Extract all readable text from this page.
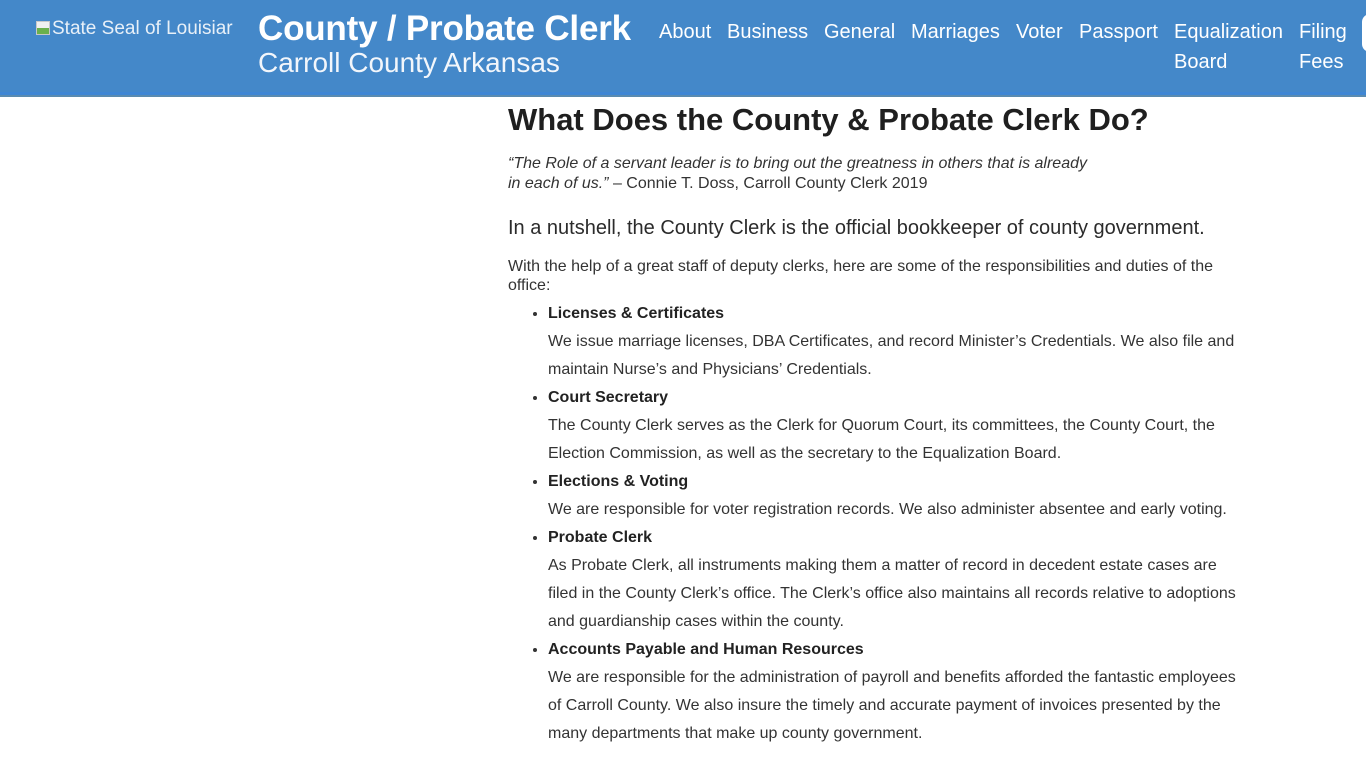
State Seal of Louisiar County / Probate Clerk
Carroll County Arkansas
About Business General Marriages Voter Passport Equalization
Board
Filing
Fees
What Does the County & Probate Clerk Do?
“The Role of a servant leader is to bring out the greatness in others that is already
in each of us.” – Connie T. Doss, Carroll County Clerk 2019
In a nutshell, the County Clerk is the official bookkeeper of county government.
With the help of a great staff of deputy clerks, here are some of the responsibilities and duties of the office:
• Licenses & Certificates
We issue marriage licenses, DBA Certificates, and record Minister’s Credentials. We also file and maintain Nurse’s and Physicians’ Credentials.
• Court Secretary
The County Clerk serves as the Clerk for Quorum Court, its committees, the County Court, the Election Commission, as well as the secretary to the Equalization Board.
• Elections & Voting
We are responsible for voter registration records. We also administer absentee and early voting.
• Probate Clerk
As Probate Clerk, all instruments making them a matter of record in decedent estate cases are filed in the County Clerk’s office. The Clerk’s office also maintains all records relative to adoptions and guardianship cases within the county.
• Accounts Payable and Human Resources
We are responsible for the administration of payroll and benefits afforded the fantastic employees of Carroll County. We also insure the timely and accurate payment of invoices presented by the many departments that make up county government.
